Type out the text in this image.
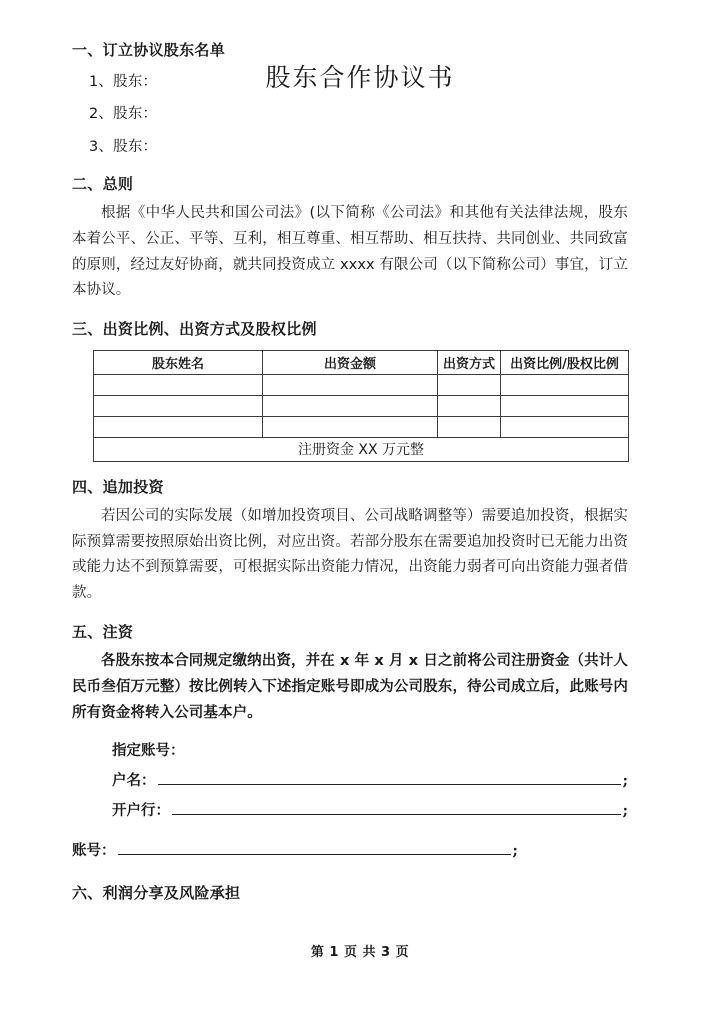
股东合作协议书
一、订立协议股东名单
1、股东：
2、股东：
3、股东：
二、总则

根据《中华人民共和国公司法》(以下简称《公司法》和其他有关法律法规，股东本着公平、公正、平等、互利，相互尊重、相互帮助、相互扶持、共同创业、共同致富的原则，经过友好协商，就共同投资成立 xxxx 有限公司（以下简称公司）事宜，订立本协议。

三、出资比例、出资方式及股权比例
股东姓名	出资金额	出资方式	出资比例/股权比例

注册资金 XX 万元整			
四、追加投资

若因公司的实际发展（如增加投资项目、公司战略调整等）需要追加投资，根据实际预算需要按照原始出资比例，对应出资。若部分股东在需要追加投资时已无能力出资或能力达不到预算需要，可根据实际出资能力情况，出资能力弱者可向出资能力强者借款。

五、注资

各股东按本合同规定缴纳出资，并在 x 年 x 月 x 日之前将公司注册资金（共计人民币叁佰万元整）按比例转入下述指定账号即成为公司股东，待公司成立后，此账号内所有资金将转入公司基本户。

指定账号：
户名：	;
开户行：	;
账号：	;
六、利润分享及风险承担
第 1 页 共 3 页
